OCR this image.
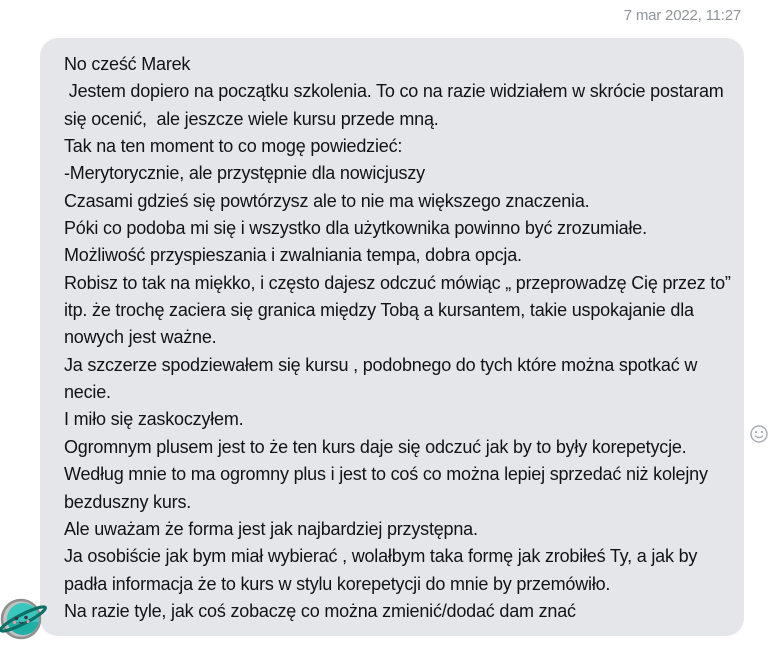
7 mar 2022, 11:27
No cześć Marek
Jestem dopiero na początku szkolenia. To co na razie widziałem w skrócie postaram
się ocenić,  ale jeszcze wiele kursu przede mną.
Tak na ten moment to co mogę powiedzieć:
-Merytorycznie, ale przystępnie dla nowicjuszy
Czasami gdzieś się powtórzysz ale to nie ma większego znaczenia.
Póki co podoba mi się i wszystko dla użytkownika powinno być zrozumiałe.
Możliwość przyspieszania i zwalniania tempa, dobra opcja.
Robisz to tak na miękko, i często dajesz odczuć mówiąc „ przeprowadzę Cię przez to”
itp. że trochę zaciera się granica między Tobą a kursantem, takie uspokajanie dla
nowych jest ważne.
Ja szczerze spodziewałem się kursu , podobnego do tych które można spotkać w
necie.
I miło się zaskoczyłem.
Ogromnym plusem jest to że ten kurs daje się odczuć jak by to były korepetycje.
Według mnie to ma ogromny plus i jest to coś co można lepiej sprzedać niż kolejny
bezduszny kurs.
Ale uważam że forma jest jak najbardziej przystępna.
Ja osobiście jak bym miał wybierać , wolałbym taka formę jak zrobiłeś Ty, a jak by
padła informacja że to kurs w stylu korepetycji do mnie by przemówiło.
Na razie tyle, jak coś zobaczę co można zmienić/dodać dam znać
